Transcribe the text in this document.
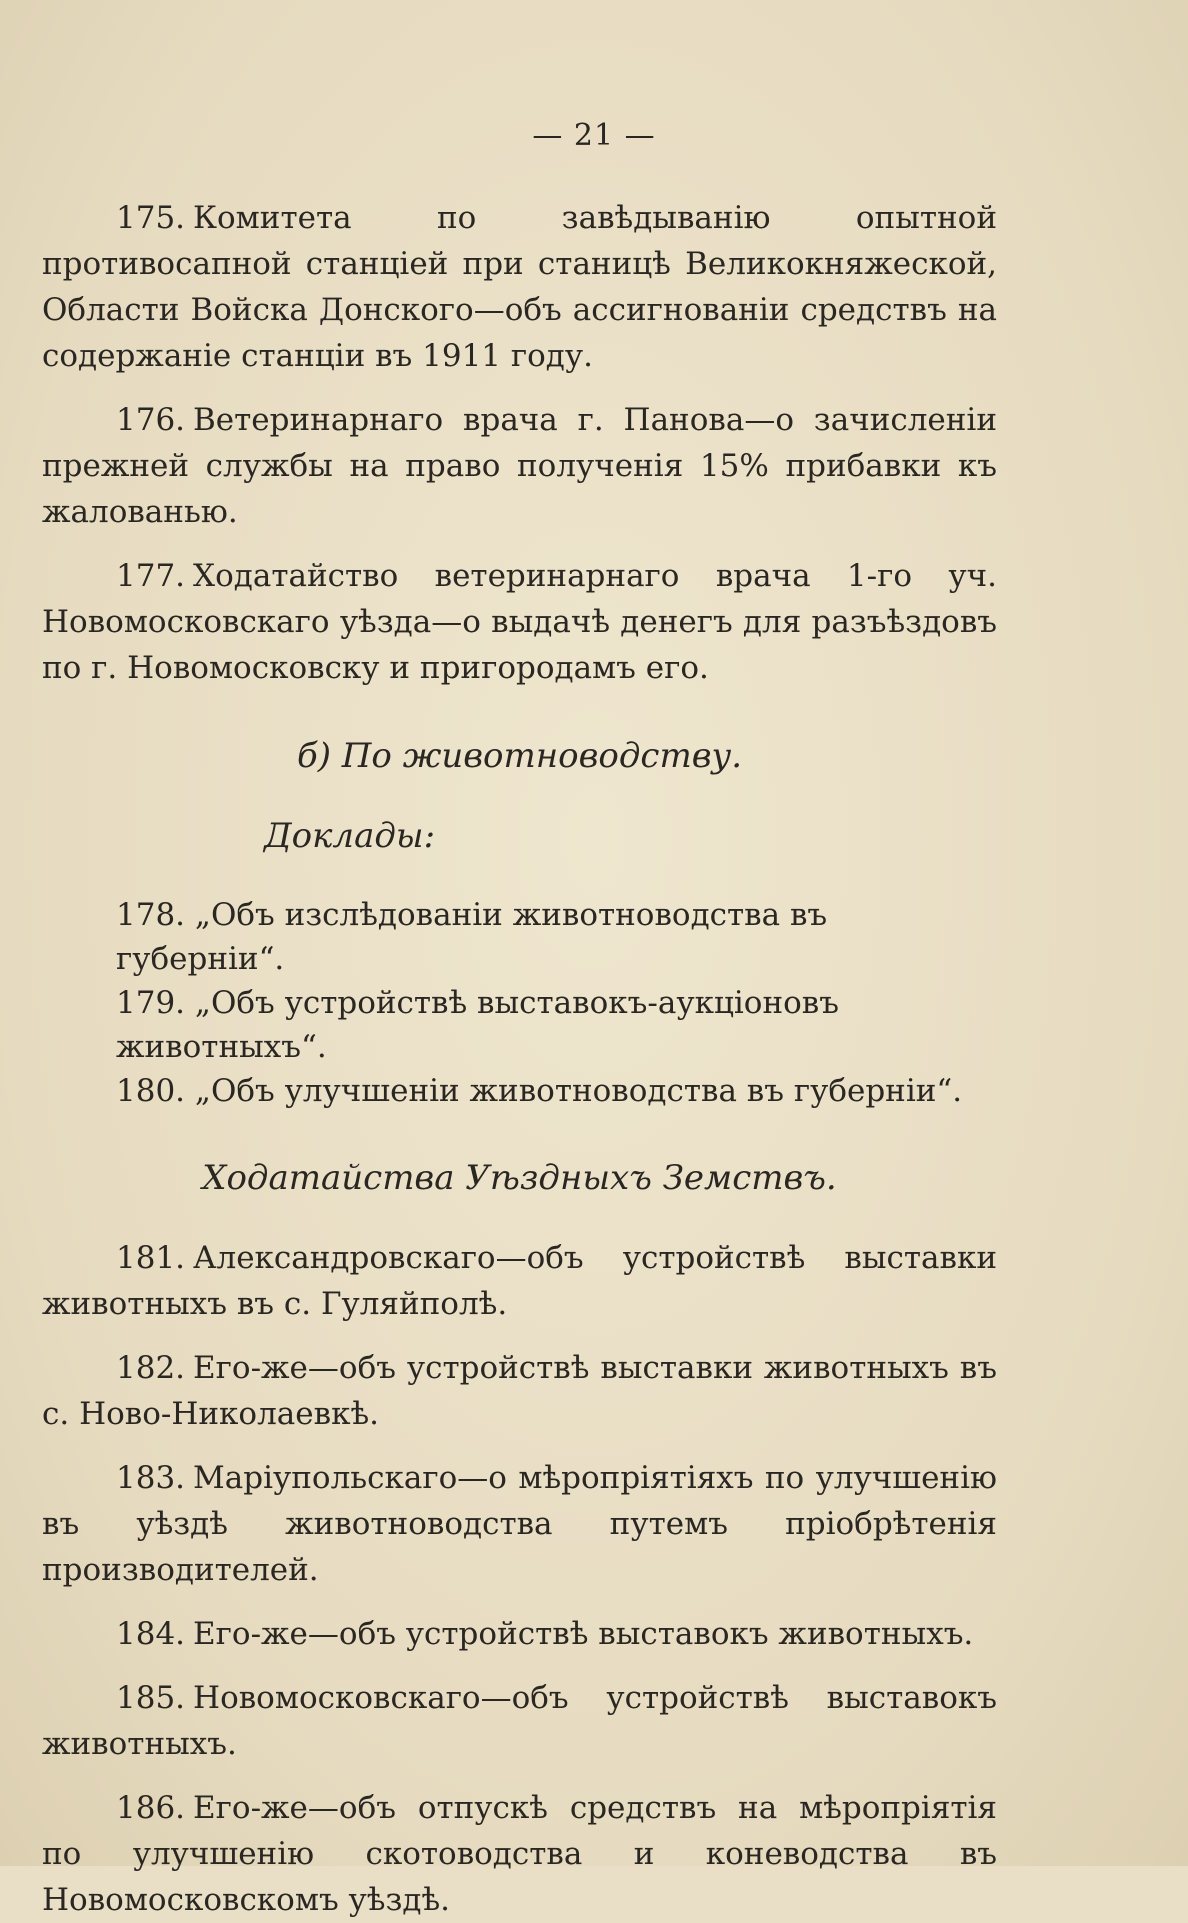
— 21 —

175. Комитета по завѣдыванію опытной противосапной станціей при станицѣ Великокняжеской, Области Войска Донского—объ ассигнованіи средствъ на содержаніе станціи въ 1911 году.

176. Ветеринарнаго врача г. Панова—о зачисленіи прежней службы на право полученія 15% прибавки къ жалованью.

177. Ходатайство ветеринарнаго врача 1-го уч. Новомосковскаго уѣзда—о выдачѣ денегъ для разъѣздовъ по г. Новомосковску и пригородамъ его.

б) По животноводству.

Доклады:

178. „Объ изслѣдованіи животноводства въ губерніи“.

179. „Объ устройствѣ выставокъ-аукціоновъ животныхъ“.

180. „Объ улучшеніи животноводства въ губерніи“.

Ходатайства Уѣздныхъ Земствъ.

181. Александровскаго—объ устройствѣ выставки животныхъ въ с. Гуляйполѣ.

182. Его-же—объ устройствѣ выставки животныхъ въ с. Ново-Николаевкѣ.

183. Маріупольскаго—о мѣропріятіяхъ по улучшенію въ уѣздѣ животноводства путемъ пріобрѣтенія производителей.

184. Его-же—объ устройствѣ выставокъ животныхъ.

185. Новомосковскаго—объ устройствѣ выставокъ животныхъ.

186. Его-же—объ отпускѣ средствъ на мѣропріятія по улучшенію скотоводства и коневодства въ Новомосковскомъ уѣздѣ.
